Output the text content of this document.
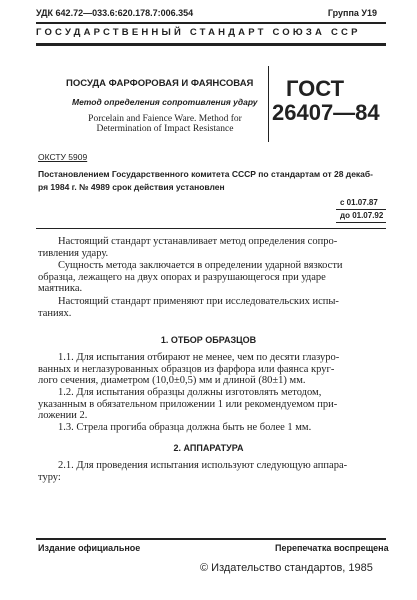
УДК 642.72—033.6:620.178.7:006.354	Группа У19
ГОСУДАРСТВЕННЫЙ СТАНДАРТ СОЮЗА ССР
ПОСУДА ФАРФОРОВАЯ И ФАЯНСОВАЯ
Метод определения сопротивления удару
Porcelain and Faience Ware. Method for
Determination of Impact Resistance
ГОСТ
26407—84
ОКСТУ 5909
Постановлением Государственного комитета СССР по стандартам от 28 декаб-
ря 1984 г. № 4989 срок действия установлен
с 01.07.87
до 01.07.92
Настоящий стандарт устанавливает метод определения сопро-
тивления удару.
Сущность метода заключается в определении ударной вязкости
образца, лежащего на двух опорах и разрушающегося при ударе
маятника.
Настоящий стандарт применяют при исследовательских испы-
таниях.
1. ОТБОР ОБРАЗЦОВ
1.1. Для испытания отбирают не менее, чем по десяти глазуро-
ванных и неглазурованных образцов из фарфора или фаянса круг-
лого сечения, диаметром (10,0±0,5) мм и длиной (80±1) мм.
1.2. Для испытания образцы должны изготовлять методом,
указанным в обязательном приложении 1 или рекомендуемом при-
ложении 2.
1.3. Стрела прогиба образца должна быть не более 1 мм.
2. АППАРАТУРА
2.1. Для проведения испытания используют следующую аппара-
туру:
Издание официальное	Перепечатка воспрещена
© Издательство стандартов, 1985
